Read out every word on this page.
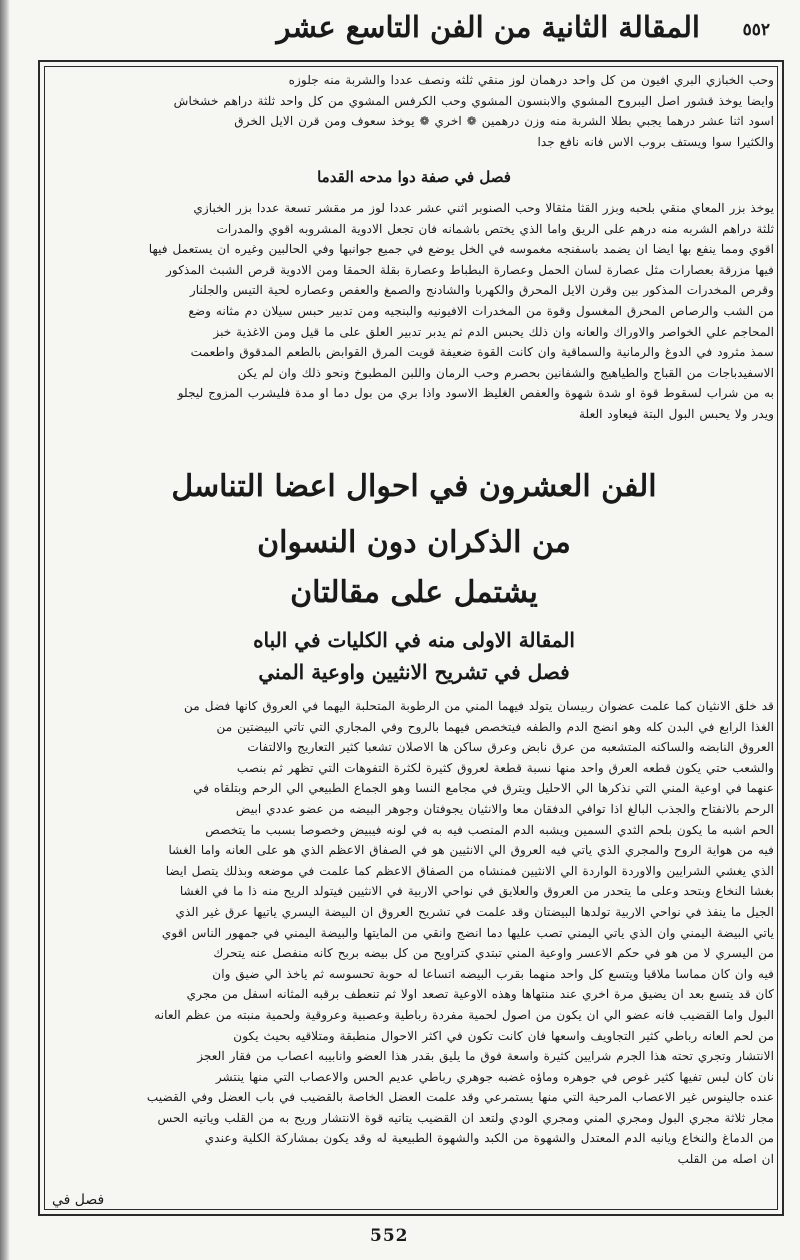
٥٥٢
المقالة الثانية من الفن التاسع عشر
وحب الخبازي البري افيون من كل واحد درهمان لوز منقي ثلثه ونصف عددا والشربة منه جلوزه
وايضا يوخذ قشور اصل اليبروح المشوي والابنسون المشوي وحب الكرفس المشوي من كل واحد ثلثة دراهم خشخاش
اسود اثنا عشر درهما يجبي بطلا الشربة منه وزن درهمين ❁ اخري ❁ يوخذ سعوف ومن قرن الايل الخرق
والكثيرا سوا ويستف بروب الاس فانه نافع جدا
فصل في صفة دوا مدحه القدما
يوخذ بزر المعاي منقي بلحبه وبزر القثا مثقالا وحب الصنوبر اثني عشر عددا لوز مر مقشر تسعة عددا بزر الخبازي
ثلثة دراهم الشربه منه درهم على الريق واما الذي يختص باشمانه فان تجعل الادوية المشروبه اقوي والمدرات
اقوي ومما ينفع بها ايضا ان يضمد باسفنجه مغموسه في الخل يوضع في جميع جوانبها وفي الحالبين وغيره ان يستعمل فيها
فيها مزرقة بعصارات مثل عصارة لسان الحمل وعصارة البطباط وعصارة بقلة الحمقا ومن الادوية قرص الشبث المذكور
وقرص المخدرات المذكور بين وقرن الايل المحرق والكهربا والشادنج والصمغ والعفص وعصاره لحية التيس والجلنار
من الشب والرصاص المحرق المغسول وقوة من المخدرات الافيونيه والبنجيه ومن تدبير حبس سيلان دم مثانه وضع
المحاجم علي الخواصر والاوراك والعانه وان ذلك يحبس الدم ثم يدبر تدبير العلق على ما قيل ومن الاغذية خبز
سمذ مثرود في الدوغ والرمانية والسماقية وان كانت القوة ضعيفة قويت المرق القوابض بالطعم المدقوق واطعمت
الاسفيدباجات من القباج والطياهيج والشفانين بحصرم وحب الرمان واللبن المطبوخ ونحو ذلك وان لم يكن
به من شراب لسقوط قوة او شدة شهوة والعفص الغليظ الاسود واذا بري من بول دما او مدة فليشرب المزوج ليجلو
ويدر ولا يحبس البول البتة فيعاود العلة
الفن العشرون في احوال اعضا التناسل
من الذكران دون النسوان
يشتمل على مقالتان
المقالة الاولى منه في الكليات في الباه
فصل في تشريح الانثيين واوعية المني
قد خلق الانثيان كما علمت عضوان ربيسان يتولد فيهما المني من الرطوبة المتحلبة اليهما في العروق كانها فضل من
الغذا الرابع في البدن كله وهو انضج الدم والطفه فيتخصص فيهما بالروح وفي المجاري التي تاتي البيضتين من
العروق النابضه والساكنه المتشعبه من عرق نابض وعرق ساكن ها الاصلان تشعبا كثير التعاريج والالتفات
والشعب حتي يكون قطعه العرق واحد منها نسبة قطعة لعروق كثيرة لكثرة التفوهات التي تظهر ثم بنصب
عنهما في اوعية المني التي نذكرها الي الاحليل ويترق في مجامع النسا وهو الجماع الطبيعي الي الرحم وبتلقاه في
الرحم بالانفتاح والجذب البالغ اذا توافي الدفقان معا والانثيان يجوفتان وجوهر البيضه من عضو عددي ابيض
الحم اشبه ما يكون بلحم الثدي السمين ويشبه الدم المنصب فيه به في لونه فيبيض وخصوصا بسبب ما يتخصص
فيه من هواية الروح والمجري الذي ياتي فيه العروق الي الانثيين هو في الصفاق الاعظم الذي هو على العانه واما الغشا
الذي يغشي الشرايين والاوردة الواردة الي الانثيين فمنشاه من الصفاق الاعظم كما علمت في موضعه وبذلك يتصل ايضا
بغشا النخاع وبتحد وعلى ما يتحدر من العروق والعلايق في نواحي الاربية في الانثيين فيتولد الريح منه ذا ما في الغشا
الجيل ما ينفذ في نواحي الاربية تولدها البيضتان وقد علمت في تشريح العروق ان البيضة اليسري ياتيها عرق غير الذي
ياتي البيضة اليمني وان الذي ياتي اليمني تصب عليها دما انضج وانقي من المايتها والبيضة اليمني في جمهور الناس اقوي
من اليسري لا من هو في حكم الاعسر واوعية المني تبتدي كتراويح من كل بيضه بربح كانه منفصل عنه يتحرك
فيه وان كان مماسا ملاقيا ويتسع كل واحد منهما بقرب البيضه اتساعا له حوبة تحسوسه ثم ياخذ الي ضيق وان
كان قد يتسع بعد ان يضيق مرة اخري عند منتهاها وهذه الاوعية تصعد اولا ثم تنعطف برقبه المثانه اسفل من مجري
البول واما القضيب فانه عضو الي ان يكون من اصول لحمية مفردة رباطية وعصبية وعروقية ولحمية منبته من عظم العانه
من لحم العانه رباطي كثير التجاويف واسعها فان كانت تكون في اكثر الاحوال منطبقة ومتلاقيه بحيث يكون
الانتشار وتجري تحته هذا الجرم شرايين كثيرة واسعة فوق ما يليق بقدر هذا العضو وانابيبه اعصاب من فقار العجز
نان كان ليس تفيها كثير غوص في جوهره وماؤه غضبه جوهري رباطي عديم الحس والاعصاب التي منها ينتشر
عنده جالينوس غير الاعصاب المرحية التي منها يستمرعي وقد علمت العضل الخاصة بالقضيب في باب العضل وفي القضيب
مجار ثلاثة مجري البول ومجري المني ومجري الودي ولتعد ان القضيب يتاتيه قوة الانتشار وريح به من القلب وياتيه الحس
من الدماغ والنخاع ويانيه الدم المعتدل والشهوة من الكبد والشهوة الطبيعية له وقد يكون بمشاركة الكلية وعندي
ان اصله من القلب
فصل في
552
